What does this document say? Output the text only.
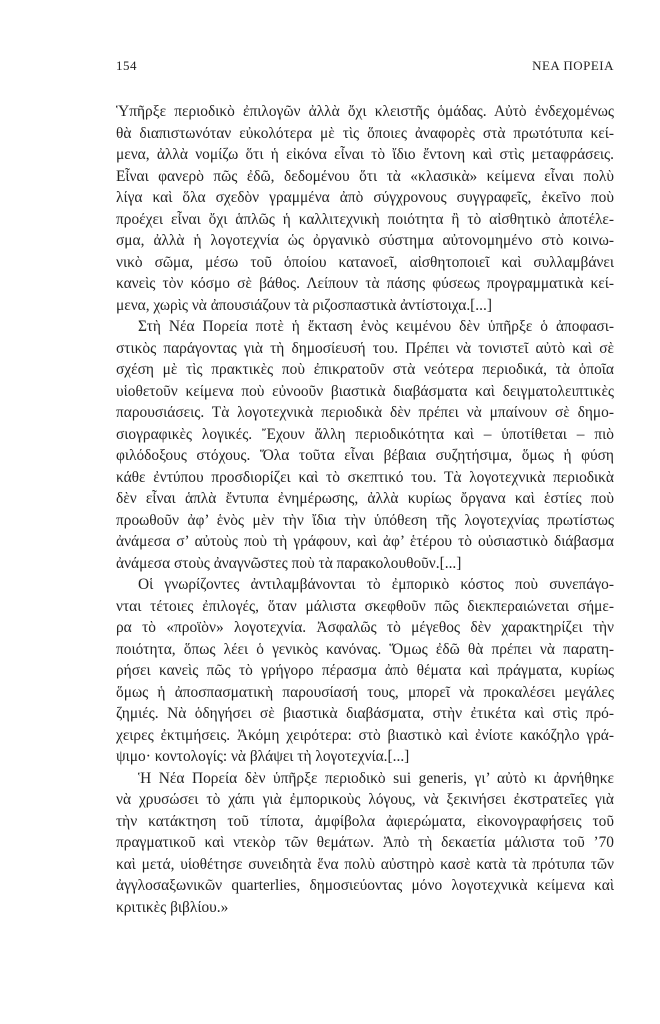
154	ΝΕΑ ΠΟΡΕΙΑ
Ὑπῆρξε περιοδικὸ ἐπιλογῶν ἀλλὰ ὄχι κλειστῆς ὁμάδας. Αὐτὸ ἐνδεχομένως
θὰ διαπιστωνόταν εὐκολότερα μὲ τὶς ὅποιες ἀναφορὲς στὰ πρωτότυπα κεί-
μενα, ἀλλὰ νομίζω ὅτι ἡ εἰκόνα εἶναι τὸ ἴδιο ἔντονη καὶ στὶς μεταφράσεις.
Εἶναι φανερὸ πῶς ἐδῶ, δεδομένου ὅτι τὰ «κλασικὰ» κείμενα εἶναι πολὺ
λίγα καὶ ὅλα σχεδὸν γραμμένα ἀπὸ σύγχρονους συγγραφεῖς, ἐκεῖνο ποὺ
προέχει εἶναι ὄχι ἁπλῶς ἡ καλλιτεχνικὴ ποιότητα ἢ τὸ αἰσθητικὸ ἀποτέλε-
σμα, ἀλλὰ ἡ λογοτεχνία ὡς ὀργανικὸ σύστημα αὐτονομημένο στὸ κοινω-
νικὸ σῶμα, μέσω τοῦ ὁποίου κατανοεῖ, αἰσθητοποιεῖ καὶ συλλαμβάνει
κανεὶς τὸν κόσμο σὲ βάθος. Λείπουν τὰ πάσης φύσεως προγραμματικὰ κεί-
μενα, χωρὶς νὰ ἀπουσιάζουν τὰ ριζοσπαστικὰ ἀντίστοιχα.[...]
Στὴ Νέα Πορεία ποτὲ ἡ ἔκταση ἑνὸς κειμένου δὲν ὑπῆρξε ὁ ἀποφασι-
στικὸς παράγοντας γιὰ τὴ δημοσίευσή του. Πρέπει νὰ τονιστεῖ αὐτὸ καὶ σὲ
σχέση μὲ τὶς πρακτικὲς ποὺ ἐπικρατοῦν στὰ νεότερα περιοδικά, τὰ ὁποῖα
υἱοθετοῦν κείμενα ποὺ εὐνοοῦν βιαστικὰ διαβάσματα καὶ δειγματολειπτικὲς
παρουσιάσεις. Τὰ λογοτεχνικὰ περιοδικὰ δὲν πρέπει νὰ μπαίνουν σὲ δημο-
σιογραφικὲς λογικές. Ἔχουν ἄλλη περιοδικότητα καὶ – ὑποτίθεται – πιὸ
φιλόδοξους στόχους. Ὅλα τοῦτα εἶναι βέβαια συζητήσιμα, ὅμως ἡ φύση
κάθε ἐντύπου προσδιορίζει καὶ τὸ σκεπτικό του. Τὰ λογοτεχνικὰ περιοδικὰ
δὲν εἶναι ἁπλὰ ἔντυπα ἐνημέρωσης, ἀλλὰ κυρίως ὄργανα καὶ ἑστίες ποὺ
προωθοῦν ἀφ’ ἑνὸς μὲν τὴν ἴδια τὴν ὑπόθεση τῆς λογοτεχνίας πρωτίστως
ἀνάμεσα σ’ αὐτοὺς ποὺ τὴ γράφουν, καὶ ἀφ’ ἑτέρου τὸ οὐσιαστικὸ διάβασμα
ἀνάμεσα στοὺς ἀναγνῶστες ποὺ τὰ παρακολουθοῦν.[...]
Οἱ γνωρίζοντες ἀντιλαμβάνονται τὸ ἐμπορικὸ κόστος ποὺ συνεπάγο-
νται τέτοιες ἐπιλογές, ὅταν μάλιστα σκεφθοῦν πῶς διεκπεραιώνεται σήμε-
ρα τὸ «προϊὸν» λογοτεχνία. Ἀσφαλῶς τὸ μέγεθος δὲν χαρακτηρίζει τὴν
ποιότητα, ὅπως λέει ὁ γενικὸς κανόνας. Ὅμως ἐδῶ θὰ πρέπει νὰ παρατη-
ρήσει κανεὶς πῶς τὸ γρήγορο πέρασμα ἀπὸ θέματα καὶ πράγματα, κυρίως
ὅμως ἡ ἀποσπασματικὴ παρουσίασή τους, μπορεῖ νὰ προκαλέσει μεγάλες
ζημιές. Νὰ ὁδηγήσει σὲ βιαστικὰ διαβάσματα, στὴν ἐτικέτα καὶ στὶς πρό-
χειρες ἐκτιμήσεις. Ἀκόμη χειρότερα: στὸ βιαστικὸ καὶ ἐνίοτε κακόζηλο γρά-
ψιμο· κοντολογίς: νὰ βλάψει τὴ λογοτεχνία.[...]
Ἡ Νέα Πορεία δὲν ὑπῆρξε περιοδικὸ sui generis, γι’ αὐτὸ κι ἀρνήθηκε
νὰ χρυσώσει τὸ χάπι γιὰ ἐμπορικοὺς λόγους, νὰ ξεκινήσει ἐκστρατεῖες γιὰ
τὴν κατάκτηση τοῦ τίποτα, ἀμφίβολα ἀφιερώματα, εἰκονογραφήσεις τοῦ
πραγματικοῦ καὶ ντεκὸρ τῶν θεμάτων. Ἀπὸ τὴ δεκαετία μάλιστα τοῦ ’70
καὶ μετά, υἱοθέτησε συνειδητὰ ἕνα πολὺ αὐστηρὸ κασὲ κατὰ τὰ πρότυπα τῶν
ἀγγλοσαξωνικῶν quarterlies, δημοσιεύοντας μόνο λογοτεχνικὰ κείμενα καὶ
κριτικὲς βιβλίου.»
